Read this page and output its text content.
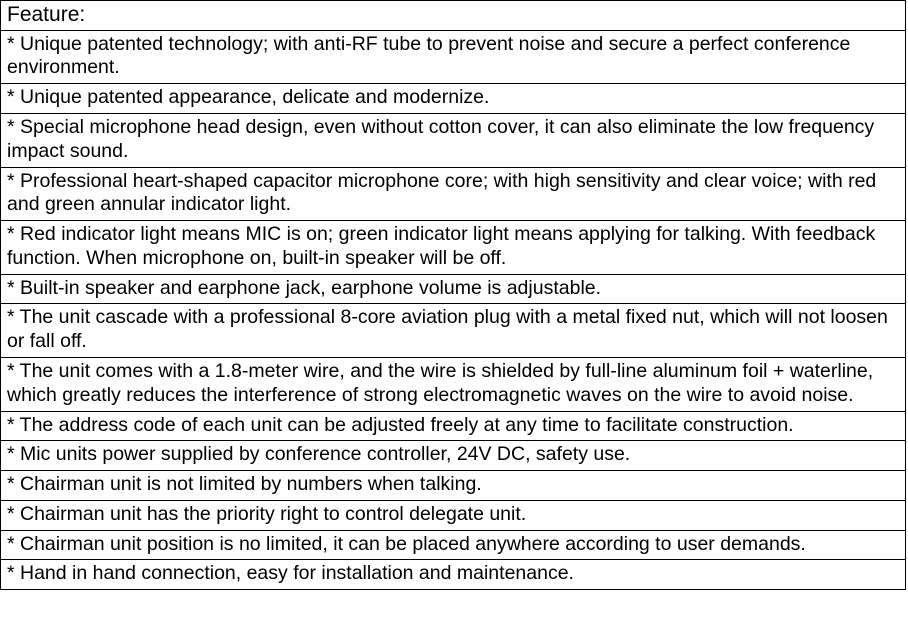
Feature:
* Unique patented technology; with anti-RF tube to prevent noise and secure a perfect conference environment.
* Unique patented appearance, delicate and modernize.
* Special microphone head design, even without cotton cover, it can also eliminate the low frequency impact sound.
* Professional heart-shaped capacitor microphone core; with high sensitivity and clear voice; with red and green annular indicator light.
* Red indicator light means MIC is on; green indicator light means applying for talking. With feedback function. When microphone on, built-in speaker will be off.
* Built-in speaker and earphone jack, earphone volume is adjustable.
* The unit cascade with a professional 8-core aviation plug with a metal fixed nut, which will not loosen or fall off.
* The unit comes with a 1.8-meter wire, and the wire is shielded by full-line aluminum foil + waterline, which greatly reduces the interference of strong electromagnetic waves on the wire to avoid noise.
* The address code of each unit can be adjusted freely at any time to facilitate construction.
* Mic units power supplied by conference controller, 24V DC, safety use.
* Chairman unit is not limited by numbers when talking.
* Chairman unit has the priority right to control delegate unit.
* Chairman unit position is no limited, it can be placed anywhere according to user demands.
* Hand in hand connection, easy for installation and maintenance.
